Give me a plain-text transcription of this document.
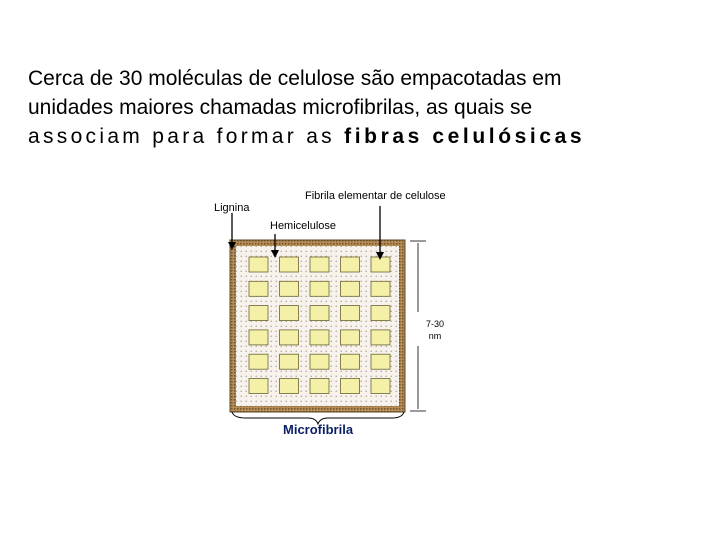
Cerca de 30 moléculas de celulose são empacotadas em
unidades maiores chamadas microfibrilas, as quais se
associam para formar as fibras celulósicas

Fibrila elementar de celulose
Lignina
Hemicelulose
7-30
nm
Microfibrila
